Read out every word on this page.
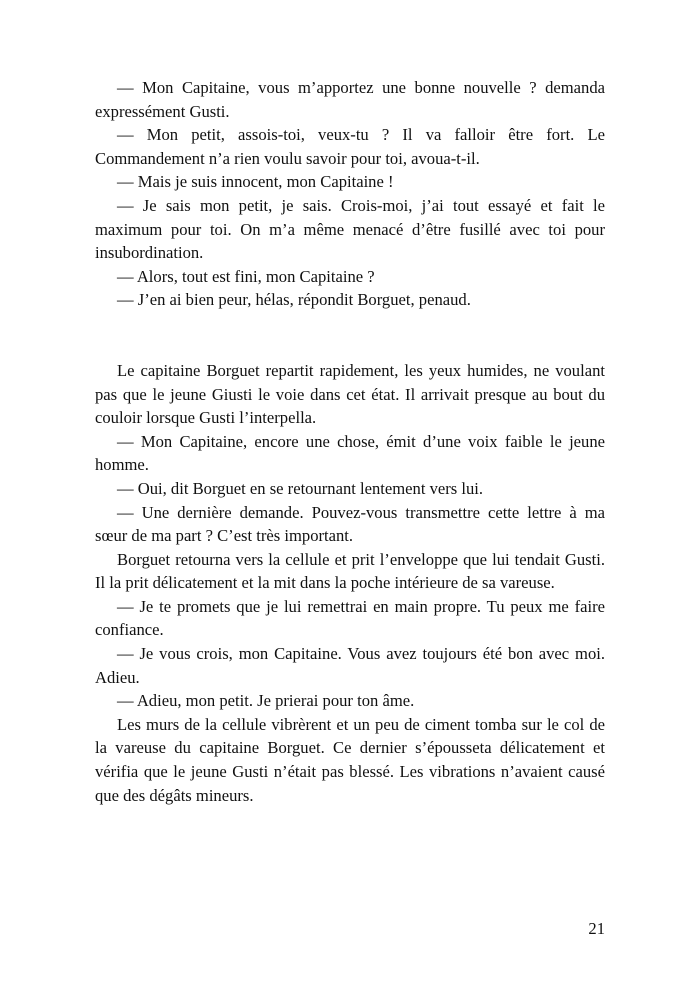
— Mon Capitaine, vous m’apportez une bonne nouvelle ? demanda expressément Gusti.

— Mon petit, assois-toi, veux-tu ? Il va falloir être fort. Le Commandement n’a rien voulu savoir pour toi, avoua-t-il.

— Mais je suis innocent, mon Capitaine !

— Je sais mon petit, je sais. Crois-moi, j’ai tout essayé et fait le maximum pour toi. On m’a même menacé d’être fusillé avec toi pour insubordination.

— Alors, tout est fini, mon Capitaine ?

— J’en ai bien peur, hélas, répondit Borguet, penaud.

Le capitaine Borguet repartit rapidement, les yeux humides, ne voulant pas que le jeune Giusti le voie dans cet état. Il arrivait presque au bout du couloir lorsque Gusti l’interpella.

— Mon Capitaine, encore une chose, émit d’une voix faible le jeune homme.

— Oui, dit Borguet en se retournant lentement vers lui.

— Une dernière demande. Pouvez-vous transmettre cette lettre à ma sœur de ma part ? C’est très important.

Borguet retourna vers la cellule et prit l’enveloppe que lui tendait Gusti. Il la prit délicatement et la mit dans la poche intérieure de sa vareuse.

— Je te promets que je lui remettrai en main propre. Tu peux me faire confiance.

— Je vous crois, mon Capitaine. Vous avez toujours été bon avec moi. Adieu.

— Adieu, mon petit. Je prierai pour ton âme.

Les murs de la cellule vibrèrent et un peu de ciment tomba sur le col de la vareuse du capitaine Borguet. Ce dernier s’épousseta délicatement et vérifia que le jeune Gusti n’était pas blessé. Les vibrations n’avaient causé que des dégâts mineurs.

21
